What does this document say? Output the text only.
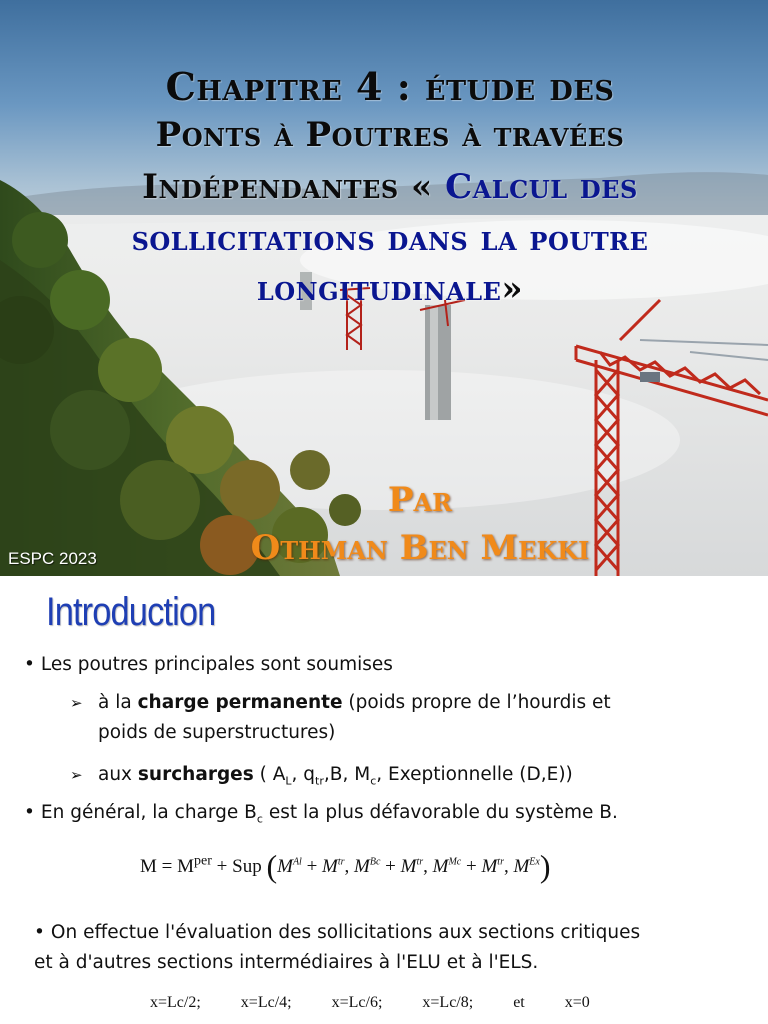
Chapitre 4 : étude des
Ponts à Poutres à travées
Indépendantes « Calcul des
sollicitations dans la poutre
longitudinale»
Par
Othman Ben Mekki
ESPC 2023
Introduction
• Les poutres principales sont soumises
➢ à la charge permanente (poids propre de l’hourdis et
poids de superstructures)
➢ aux surcharges ( $A_L$, $q_{tr},B$, $M_c$, Exeptionnelle (D,E))
• En général, la charge $B_c$ est la plus défavorable du système B.
$M = M^{per}$ + Sup ($M^{Al} + M^{tr}$, $M^{Bc} + M^{tr}$, $M^{Mc} + M^{tr}$, $M^{Ex}$)
• On effectue l'évaluation des sollicitations aux sections critiques
et à d'autres sections intermédiaires à l'ELU et à l'ELS.
x=Lc/2;	x=Lc/4;	x=Lc/6;	x=Lc/8;	et	x=0
